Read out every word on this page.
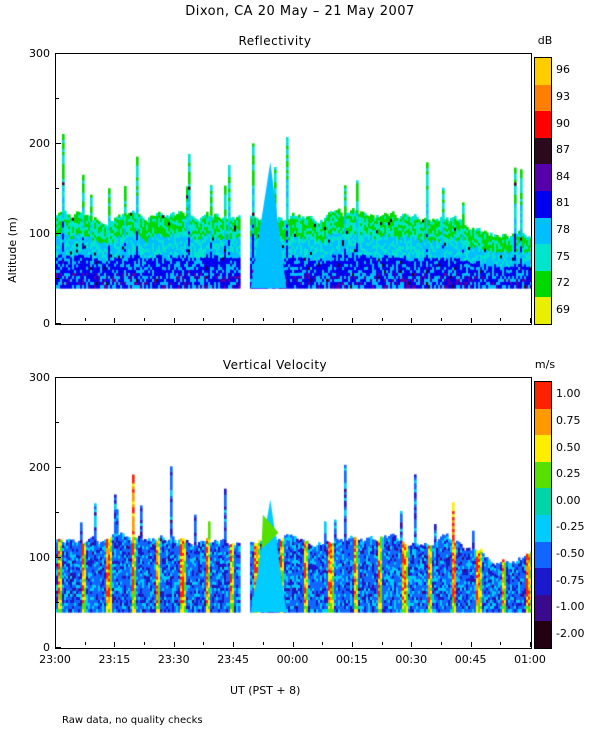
Dixon, CA 20 May – 21 May 2007
Altitude (m)
Reflectivity
300
200
100
0
dB
Vertical Velocity
300
200
100
0
m/s
23:00	23:15	23:30	23:45	00:00	00:15	00:30	00:45	01:00
UT (PST + 8)
Raw data, no quality checks
96
93
90
87
84
81
78
75
72
69
1.00
0.75
0.50
0.25
0.00
-0.25
-0.50
-0.75
-1.00
-2.00
